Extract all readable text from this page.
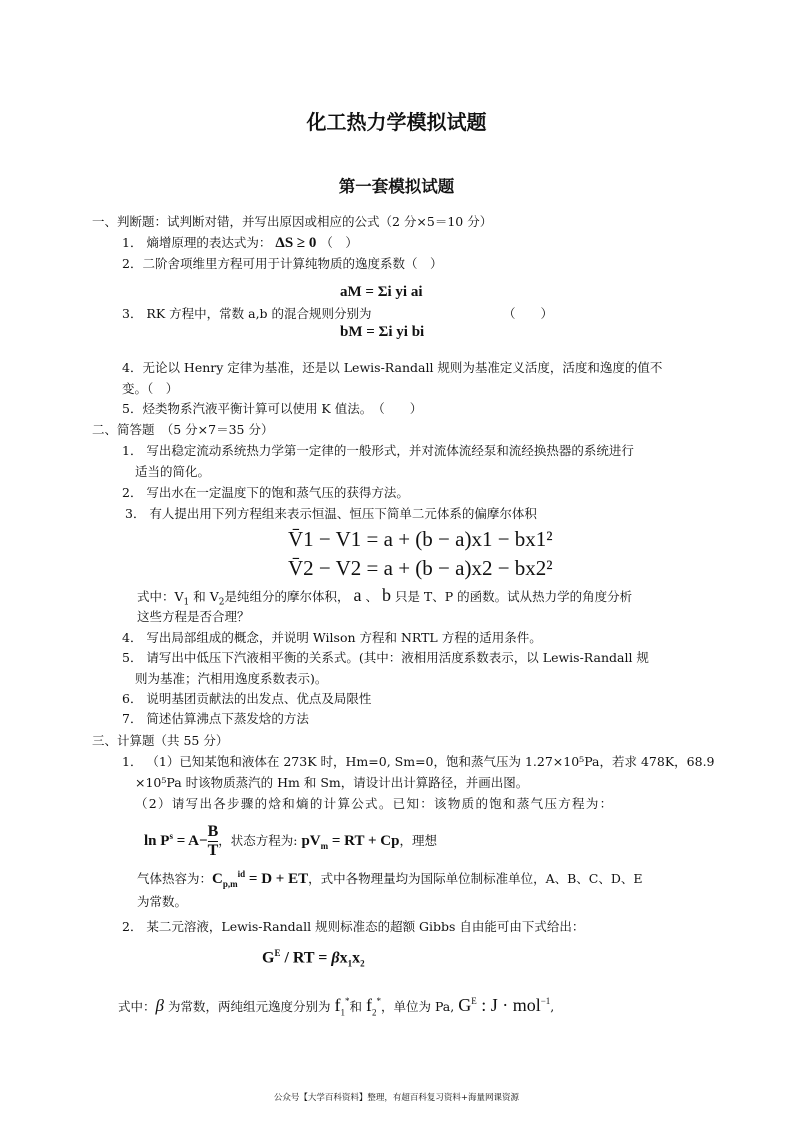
化工热力学模拟试题
第一套模拟试题
一、判断题：试判断对错，并写出原因或相应的公式（2 分×5＝10 分）
1． 熵增原理的表达式为： ΔS ≥ 0 （　）
2．二阶舍项维里方程可用于计算纯物质的逸度系数（　）
3． RK 方程中，常数 a,b 的混合规则分别为
aM = Σi yi ai
bM = Σi yi bi
（　　）
4．无论以 Henry 定律为基准，还是以 Lewis-Randall 规则为基准定义活度，活度和逸度的值不
变。（　）
5．烃类物系汽液平衡计算可以使用 K 值法。　（　　）
二、简答题　（5 分×7＝35 分）
1． 写出稳定流动系统热力学第一定律的一般形式，并对流体流经泵和流经换热器的系统进行
适当的简化。
2． 写出水在一定温度下的饱和蒸气压的获得方法。
3． 有人提出用下列方程组来表示恒温、恒压下简单二元体系的偏摩尔体积
V̄1 − V1 = a + (b − a)x1 − bx1²
V̄2 − V2 = a + (b − a)x2 − bx2²
式中：$V_1$ 和 $V_2$是纯组分的摩尔体积， a 、 b 只是 T、P 的函数。试从热力学的角度分析
这些方程是否合理？
4． 写出局部组成的概念，并说明 Wilson 方程和 NRTL 方程的适用条件。
5． 请写出中低压下汽液相平衡的关系式。(其中：液相用活度系数表示，以 Lewis-Randall 规
则为基准；汽相用逸度系数表示)。
6． 说明基团贡献法的出发点、优点及局限性
7． 简述估算沸点下蒸发焓的方法
三、计算题（共 55 分）
1． （1）已知某饱和液体在 273K 时，Hm=0, Sm=0，饱和蒸气压为 1.27×10⁵Pa，若求 478K，68.9
×10⁵Pa 时该物质蒸汽的 Hm 和 Sm，请设计出计算路径，并画出图。
（2）请写出各步骤的焓和熵的计算公式。已知：该物质的饱和蒸气压方程为：
$\ln P^s = A- \frac{B}{T}$ ，状态方程为: $pV_m$ = RT + Cp，理想
气体热容为：$C_{p,m}^{id} = D$ + ET，式中各物理量均为国际单位制标准单位，A、B、C、D、E
为常数。
2． 某二元溶液，Lewis-Randall 规则标准态的超额 Gibbs 自由能可由下式给出：
$G^E$ / RT = $\beta x_1x_2$
式中：β 为常数，两纯组元逸度分别为 $f_1^*$和 $f_2^*$，单位为 Pa, $G^E$ : J · mol$^{-1}$,
公众号【大学百科资料】整理，有超百科复习资料+海量网课资源
